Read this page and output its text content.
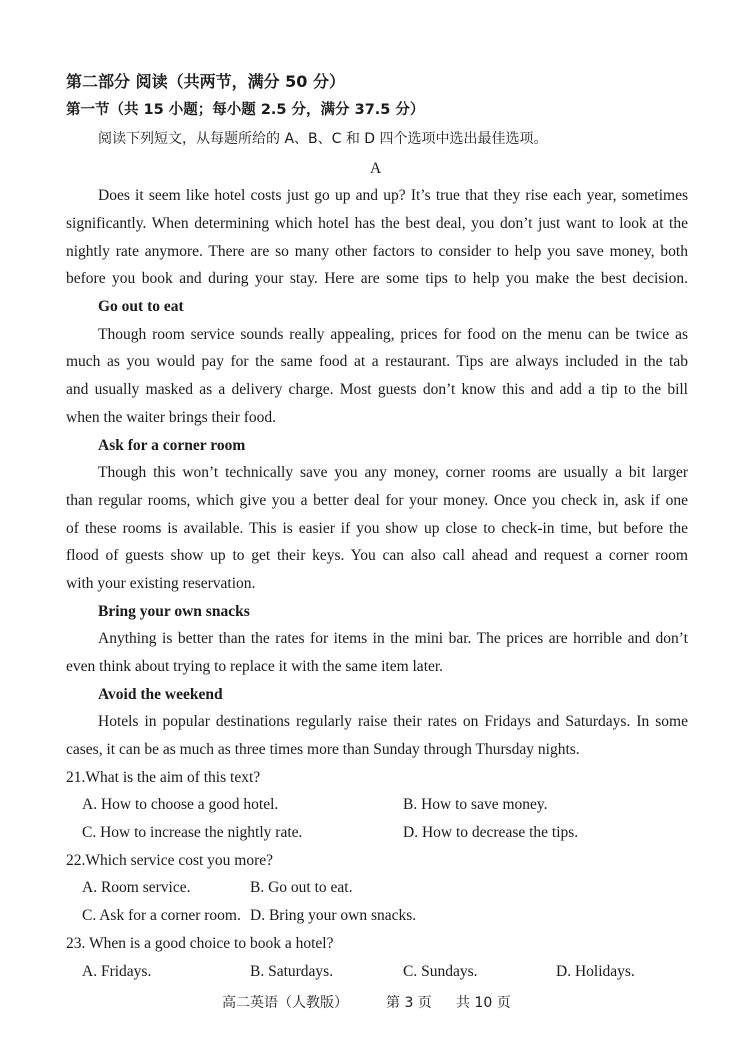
第二部分 阅读（共两节，满分 50 分）
第一节（共 15 小题；每小题 2.5 分，满分 37.5 分）
阅读下列短文，从每题所给的 A、B、C 和 D 四个选项中选出最佳选项。
A
Does it seem like hotel costs just go up and up? It’s true that they rise each year, sometimes
significantly. When determining which hotel has the best deal, you don’t just want to look at the
nightly rate anymore. There are so many other factors to consider to help you save money, both
before you book and during your stay. Here are some tips to help you make the best decision.
Go out to eat
Though room service sounds really appealing, prices for food on the menu can be twice as
much as you would pay for the same food at a restaurant. Tips are always included in the tab
and usually masked as a delivery charge. Most guests don’t know this and add a tip to the bill
when the waiter brings their food.
Ask for a corner room
Though this won’t technically save you any money, corner rooms are usually a bit larger
than regular rooms, which give you a better deal for your money. Once you check in, ask if one
of these rooms is available. This is easier if you show up close to check-in time, but before the
flood of guests show up to get their keys. You can also call ahead and request a corner room
with your existing reservation.
Bring your own snacks
Anything is better than the rates for items in the mini bar. The prices are horrible and don’t
even think about trying to replace it with the same item later.
Avoid the weekend
Hotels in popular destinations regularly raise their rates on Fridays and Saturdays. In some
cases, it can be as much as three times more than Sunday through Thursday nights.
21.What is the aim of this text?
A. How to choose a good hotel.	B. How to save money.
C. How to increase the nightly rate.	D. How to decrease the tips.
22.Which service cost you more?
A. Room service.	B. Go out to eat.
C. Ask for a corner room. D. Bring your own snacks.
23. When is a good choice to book a hotel?
A. Fridays.	B. Saturdays.	C. Sundays.	D. Holidays.
高二英语（人教版）	第 3 页 共 10 页
